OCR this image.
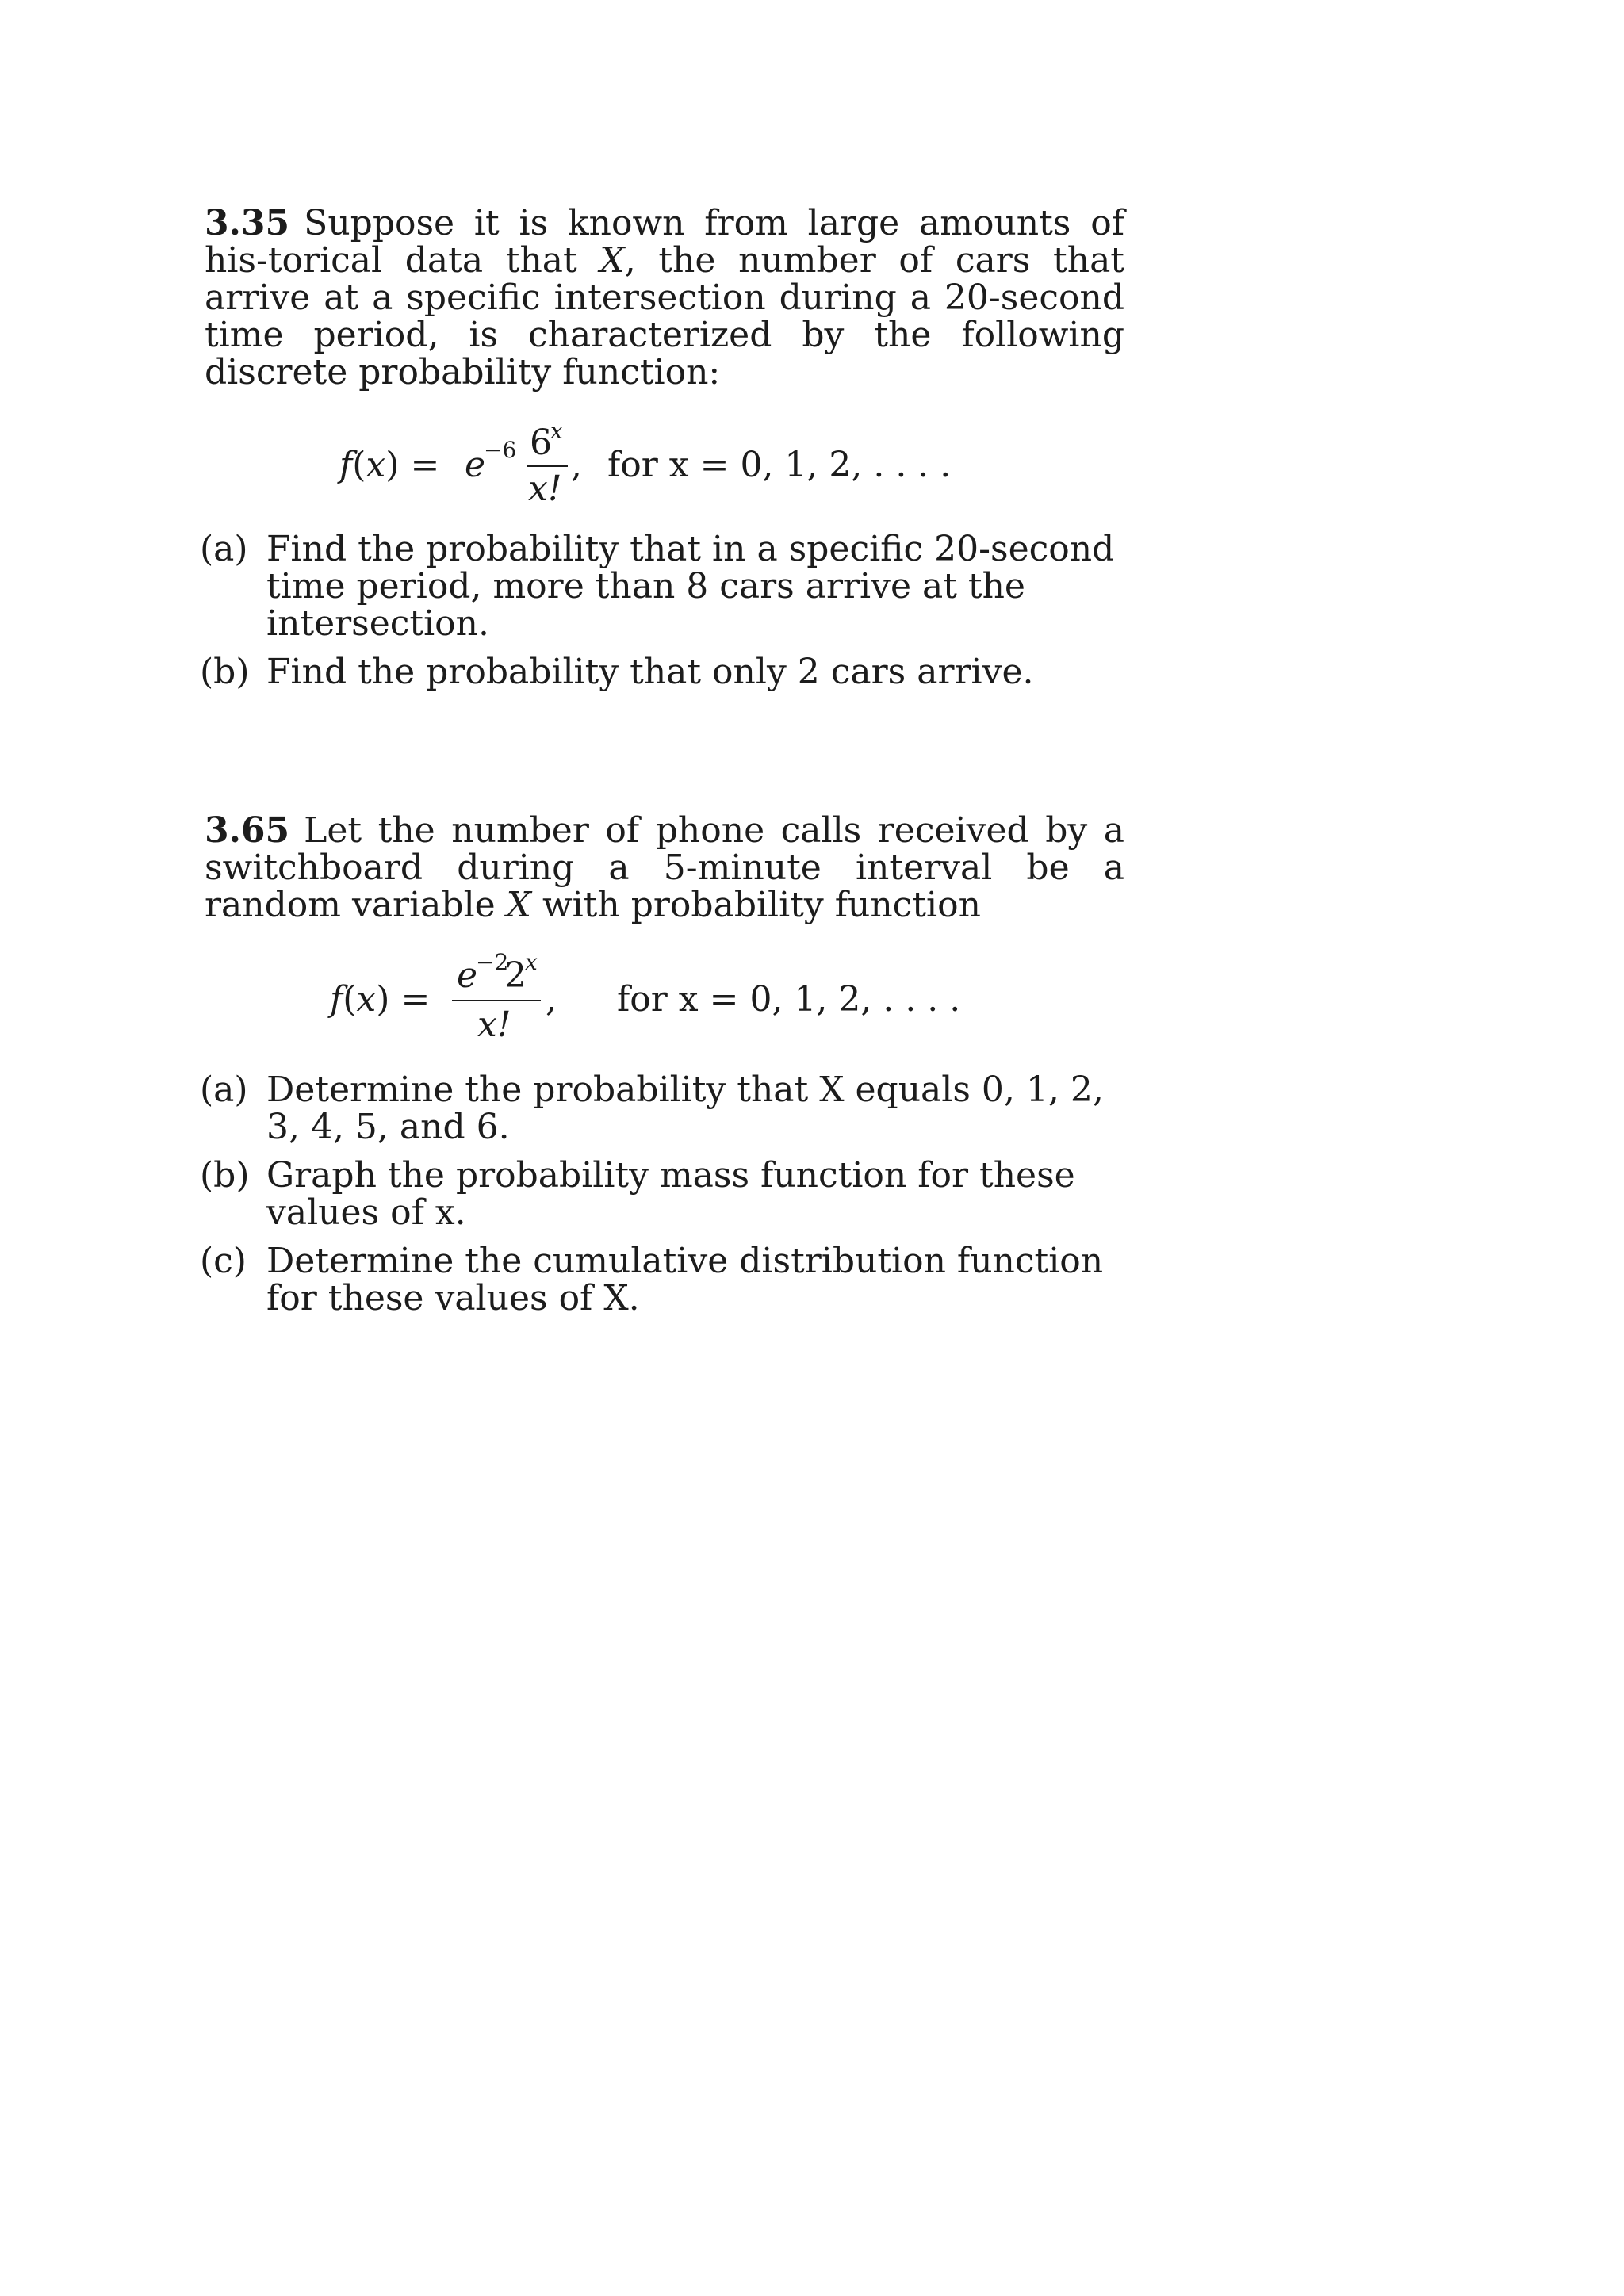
3.35 Suppose it is known from large amounts of his-torical data that X, the number of cars that arrive at a specific intersection during a 20-second time period, is characterized by the following discrete probability function:

f(x) = e
−6 6
x
x!
, for x = 0, 1, 2, . . . .
(a) Find the probability that in a specific 20-second time period, more than 8 cars arrive at the intersection.
(b) Find the probability that only 2 cars arrive.

3.65 Let the number of phone calls received by a switchboard during a 5-minute interval be a random variable X with probability function

f(x) =
e
−2
2
x
x!
, for x = 0, 1, 2, . . . .
(a) Determine the probability that X equals 0, 1, 2, 3, 4, 5, and 6.
(b) Graph the probability mass function for these values of x.
(c) Determine the cumulative distribution function for these values of X.
